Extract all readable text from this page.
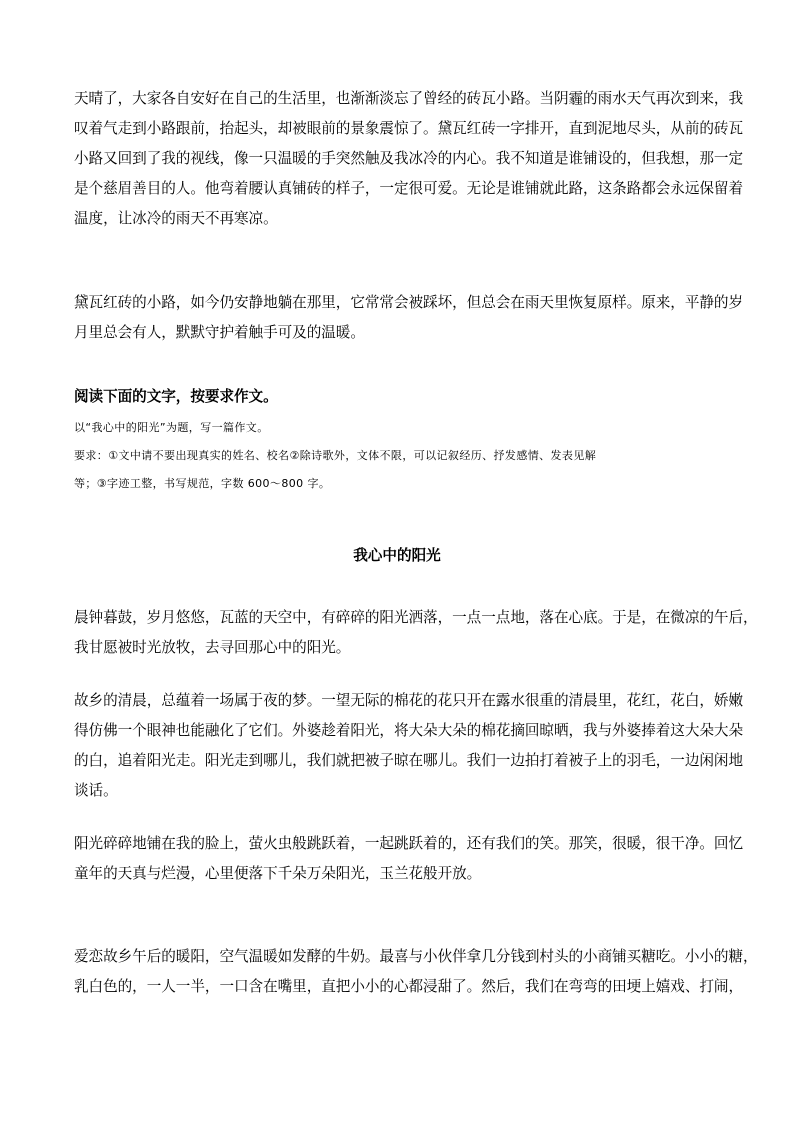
天晴了，大家各自安好在自己的生活里，也渐渐淡忘了曾经的砖瓦小路。当阴霾的雨水天气再次到来，我
叹着气走到小路跟前，抬起头，却被眼前的景象震惊了。黛瓦红砖一字排开，直到泥地尽头，从前的砖瓦
小路又回到了我的视线，像一只温暖的手突然触及我冰冷的内心。我不知道是谁铺设的，但我想，那一定
是个慈眉善目的人。他弯着腰认真铺砖的样子，一定很可爱。无论是谁铺就此路，这条路都会永远保留着
温度，让冰冷的雨天不再寒凉。
黛瓦红砖的小路，如今仍安静地躺在那里，它常常会被踩坏，但总会在雨天里恢复原样。原来，平静的岁
月里总会有人，默默守护着触手可及的温暖。
阅读下面的文字，按要求作文。
以“我心中的阳光”为题，写一篇作文。
要求：①文中请不要出现真实的姓名、校名②除诗歌外，文体不限，可以记叙经历、抒发感情、发表见解
等；③字迹工整，书写规范，字数 600～800 字。
我心中的阳光
晨钟暮鼓，岁月悠悠，瓦蓝的天空中，有碎碎的阳光洒落，一点一点地，落在心底。于是，在微凉的午后，
我甘愿被时光放牧，去寻回那心中的阳光。
故乡的清晨，总蕴着一场属于夜的梦。一望无际的棉花的花只开在露水很重的清晨里，花红，花白，娇嫩
得仿佛一个眼神也能融化了它们。外婆趁着阳光，将大朵大朵的棉花摘回晾晒，我与外婆捧着这大朵大朵
的白，追着阳光走。阳光走到哪儿，我们就把被子晾在哪儿。我们一边拍打着被子上的羽毛，一边闲闲地
谈话。
阳光碎碎地铺在我的脸上，萤火虫般跳跃着，一起跳跃着的，还有我们的笑。那笑，很暖，很干净。回忆
童年的天真与烂漫，心里便落下千朵万朵阳光，玉兰花般开放。
爱恋故乡午后的暖阳，空气温暖如发酵的牛奶。最喜与小伙伴拿几分钱到村头的小商铺买糖吃。小小的糖，
乳白色的，一人一半，一口含在嘴里，直把小小的心都浸甜了。然后，我们在弯弯的田埂上嬉戏、打闹，
